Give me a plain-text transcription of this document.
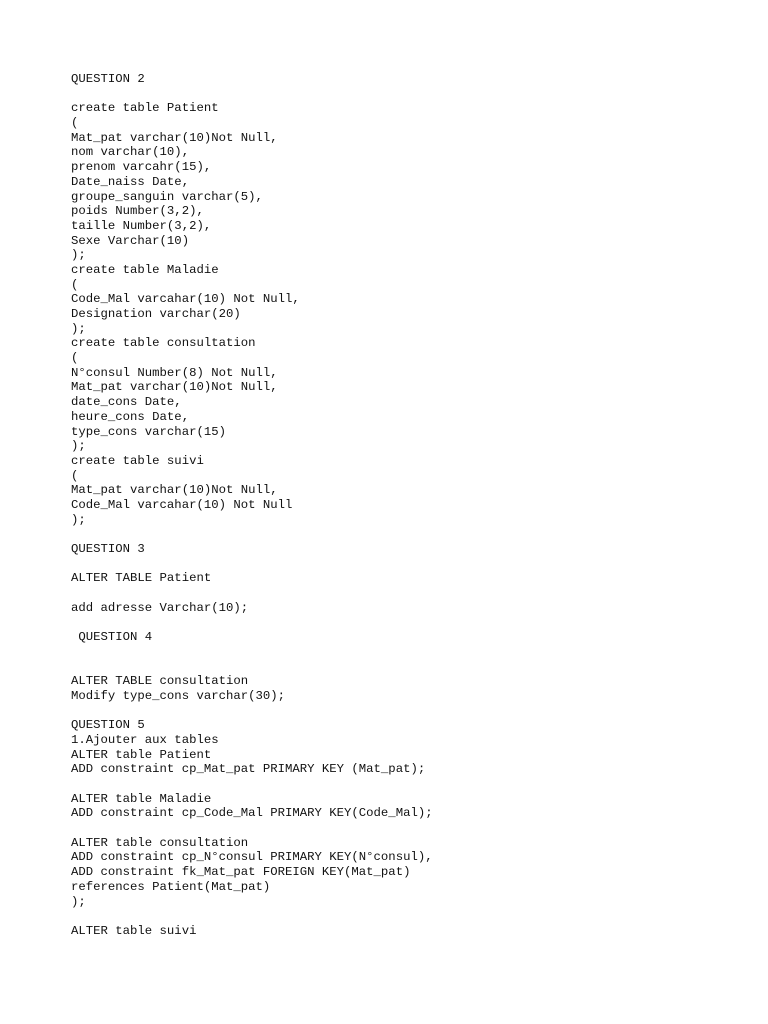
QUESTION 2
create table Patient
(
Mat_pat varchar(10)Not Null,
nom varchar(10),
prenom varcahr(15),
Date_naiss Date,
groupe_sanguin varchar(5),
poids Number(3,2),
taille Number(3,2),
Sexe Varchar(10)
);
create table Maladie
(
Code_Mal varcahar(10) Not Null,
Designation varchar(20)
);
create table consultation
(
N°consul Number(8) Not Null,
Mat_pat varchar(10)Not Null,
date_cons Date,
heure_cons Date,
type_cons varchar(15)
);
create table suivi
(
Mat_pat varchar(10)Not Null,
Code_Mal varcahar(10) Not Null
);
QUESTION 3
ALTER TABLE Patient
add adresse Varchar(10);
QUESTION 4
ALTER TABLE consultation
Modify type_cons varchar(30);
QUESTION 5
1.Ajouter aux tables
ALTER table Patient
ADD constraint cp_Mat_pat PRIMARY KEY (Mat_pat);
ALTER table Maladie
ADD constraint cp_Code_Mal PRIMARY KEY(Code_Mal);
ALTER table consultation
ADD constraint cp_N°consul PRIMARY KEY(N°consul),
ADD constraint fk_Mat_pat FOREIGN KEY(Mat_pat)
references Patient(Mat_pat)
);
ALTER table suivi
